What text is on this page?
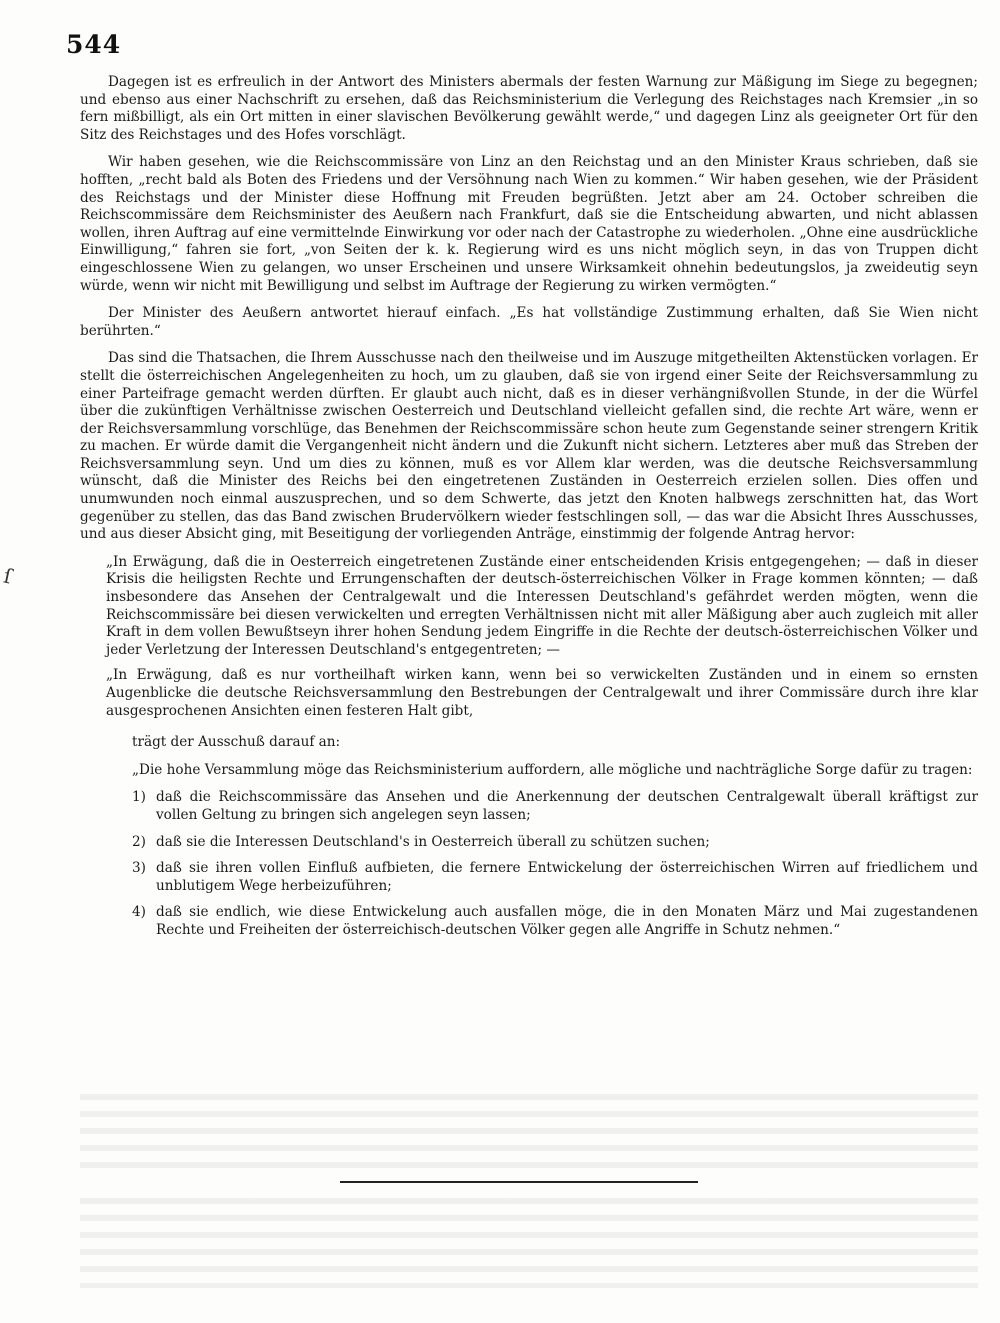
544
ſ

Dagegen ist es erfreulich in der Antwort des Ministers abermals der festen Warnung zur Mäßigung im Siege zu begegnen; und ebenso aus einer Nachschrift zu ersehen, daß das Reichsministerium die Verlegung des Reichstages nach Kremsier „in so fern mißbilligt, als ein Ort mitten in einer slavischen Bevölkerung gewählt werde,“ und dagegen Linz als geeigneter Ort für den Sitz des Reichstages und des Hofes vorschlägt.

Wir haben gesehen, wie die Reichscommissäre von Linz an den Reichstag und an den Minister Kraus schrieben, daß sie hofften, „recht bald als Boten des Friedens und der Versöhnung nach Wien zu kommen.“ Wir haben gesehen, wie der Präsident des Reichstags und der Minister diese Hoffnung mit Freuden begrüßten. Jetzt aber am 24. October schreiben die Reichscommissäre dem Reichsminister des Aeußern nach Frankfurt, daß sie die Entscheidung abwarten, und nicht ablassen wollen, ihren Auftrag auf eine vermittelnde Einwirkung vor oder nach der Catastrophe zu wiederholen. „Ohne eine ausdrückliche Einwilligung,“ fahren sie fort, „von Seiten der k. k. Regierung wird es uns nicht möglich seyn, in das von Truppen dicht eingeschlossene Wien zu gelangen, wo unser Erscheinen und unsere Wirksamkeit ohnehin bedeutungslos, ja zweideutig seyn würde, wenn wir nicht mit Bewilligung und selbst im Auftrage der Regierung zu wirken vermögten.“

Der Minister des Aeußern antwortet hierauf einfach. „Es hat vollständige Zustimmung erhalten, daß Sie Wien nicht berührten.“

Das sind die Thatsachen, die Ihrem Ausschusse nach den theilweise und im Auszuge mitgetheilten Aktenstücken vorlagen. Er stellt die österreichischen Angelegenheiten zu hoch, um zu glauben, daß sie von irgend einer Seite der Reichsversammlung zu einer Parteifrage gemacht werden dürften. Er glaubt auch nicht, daß es in dieser verhängnißvollen Stunde, in der die Würfel über die zukünftigen Verhältnisse zwischen Oesterreich und Deutschland vielleicht gefallen sind, die rechte Art wäre, wenn er der Reichsversammlung vorschlüge, das Benehmen der Reichscommissäre schon heute zum Gegenstande seiner strengern Kritik zu machen. Er würde damit die Vergangenheit nicht ändern und die Zukunft nicht sichern. Letzteres aber muß das Streben der Reichsversammlung seyn. Und um dies zu können, muß es vor Allem klar werden, was die deutsche Reichsversammlung wünscht, daß die Minister des Reichs bei den eingetretenen Zuständen in Oesterreich erzielen sollen. Dies offen und unumwunden noch einmal auszusprechen, und so dem Schwerte, das jetzt den Knoten halbwegs zerschnitten hat, das Wort gegenüber zu stellen, das das Band zwischen Brudervölkern wieder festschlingen soll, — das war die Absicht Ihres Ausschusses, und aus dieser Absicht ging, mit Beseitigung der vorliegenden Anträge, einstimmig der folgende Antrag hervor:

„In Erwägung, daß die in Oesterreich eingetretenen Zustände einer entscheidenden Krisis entgegengehen; — daß in dieser Krisis die heiligsten Rechte und Errungenschaften der deutsch-österreichischen Völker in Frage kommen könnten; — daß insbesondere das Ansehen der Centralgewalt und die Interessen Deutschland's gefährdet werden mögten, wenn die Reichscommissäre bei diesen verwickelten und erregten Verhältnissen nicht mit aller Mäßigung aber auch zugleich mit aller Kraft in dem vollen Bewußtseyn ihrer hohen Sendung jedem Eingriffe in die Rechte der deutsch-österreichischen Völker und jeder Verletzung der Interessen Deutschland's entgegentreten; —

„In Erwägung, daß es nur vortheilhaft wirken kann, wenn bei so verwickelten Zuständen und in einem so ernsten Augenblicke die deutsche Reichsversammlung den Bestrebungen der Centralgewalt und ihrer Commissäre durch ihre klar ausgesprochenen Ansichten einen festeren Halt gibt,

trägt der Ausschuß darauf an:

„Die hohe Versammlung möge das Reichsministerium auffordern, alle mögliche und nachträgliche Sorge dafür zu tragen:

1) daß die Reichscommissäre das Ansehen und die Anerkennung der deutschen Centralgewalt überall kräftigst zur vollen Geltung zu bringen sich angelegen seyn lassen;
2) daß sie die Interessen Deutschland's in Oesterreich überall zu schützen suchen;
3) daß sie ihren vollen Einfluß aufbieten, die fernere Entwickelung der österreichischen Wirren auf friedlichem und unblutigem Wege herbeizuführen;
4) daß sie endlich, wie diese Entwickelung auch ausfallen möge, die in den Monaten März und Mai zugestandenen Rechte und Freiheiten der österreichisch-deutschen Völker gegen alle Angriffe in Schutz nehmen.“
